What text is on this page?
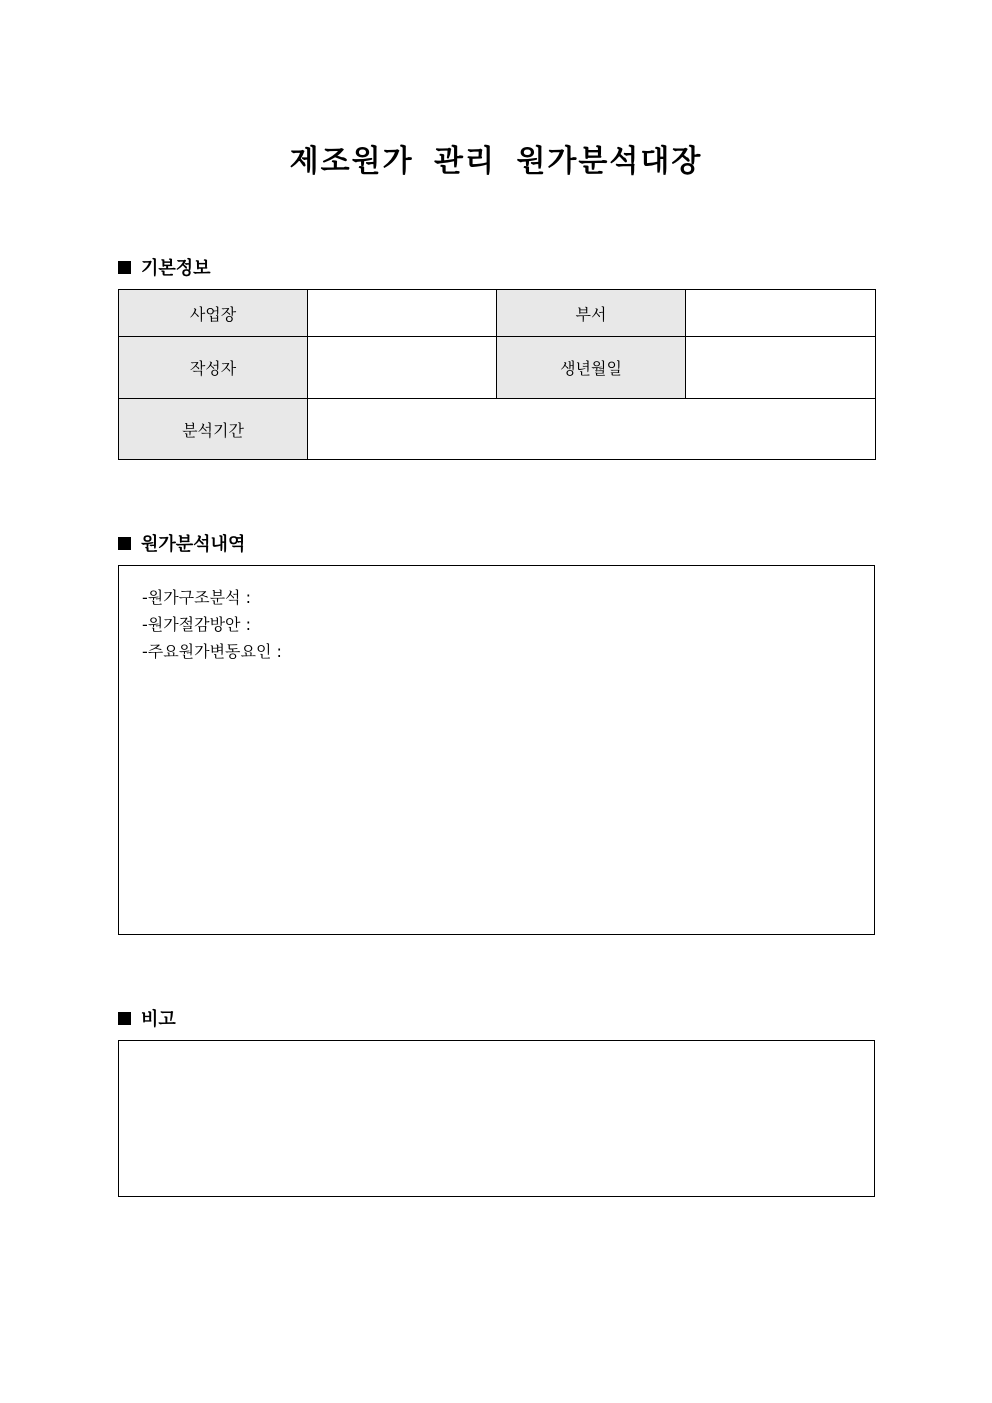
제조원가 관리 원가분석대장
기본정보
사업장		부서	
작성자		생년월일	
분석기간			
원가분석내역
-원가구조분석 :
-원가절감방안 :
-주요원가변동요인 :
비고
